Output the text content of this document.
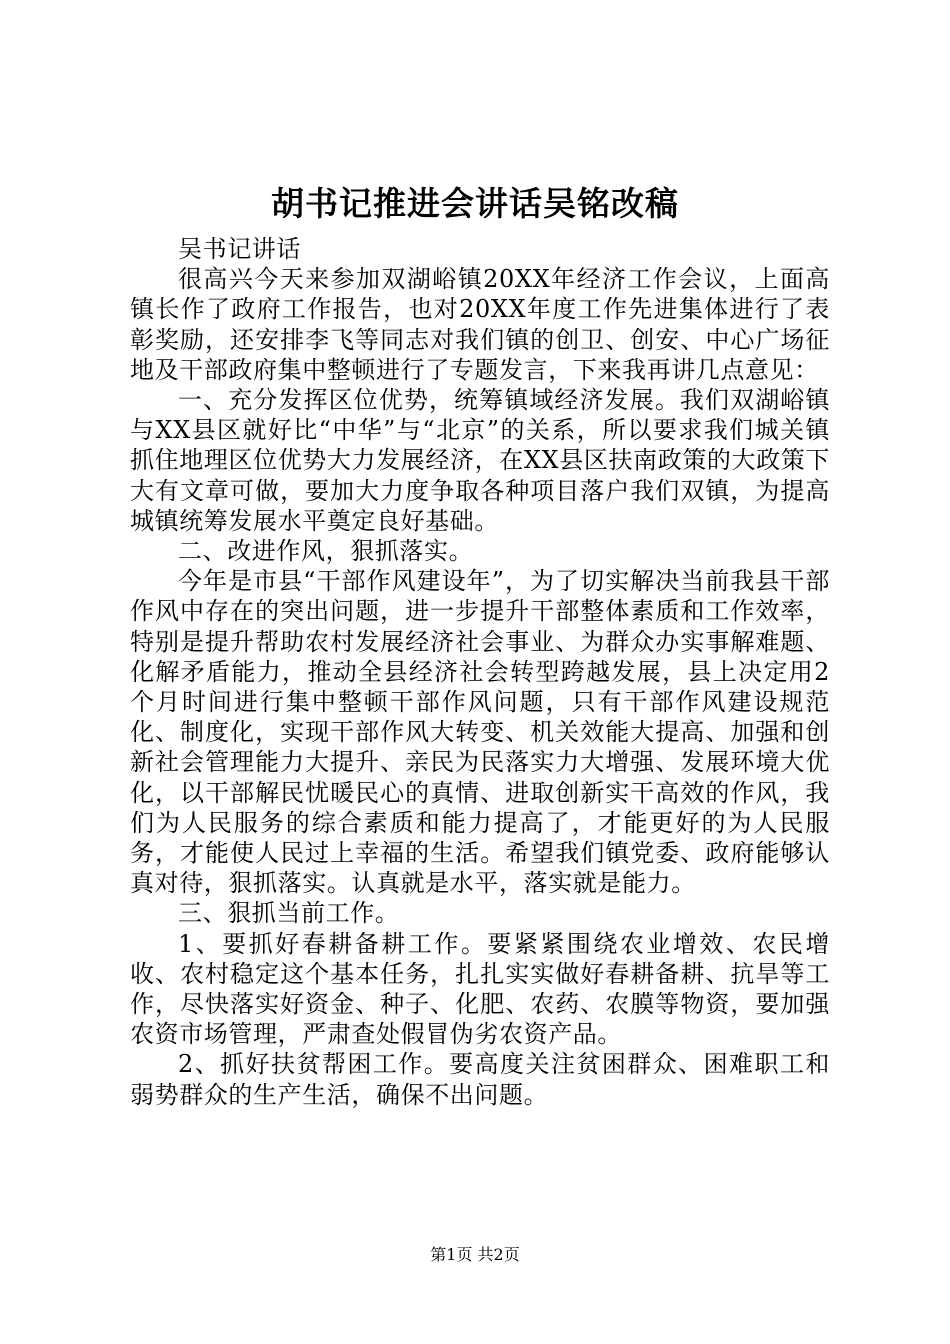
胡书记推进会讲话吴铭改稿

吴书记讲话

很高兴今天来参加双湖峪镇20XX年经济工作会议，上面高镇长作了政府工作报告，也对20XX年度工作先进集体进行了表彰奖励，还安排李飞等同志对我们镇的创卫、创安、中心广场征地及干部政府集中整顿进行了专题发言，下来我再讲几点意见：

一、充分发挥区位优势，统筹镇域经济发展。我们双湖峪镇与XX县区就好比“中华”与“北京”的关系，所以要求我们城关镇抓住地理区位优势大力发展经济，在XX县区扶南政策的大政策下大有文章可做，要加大力度争取各种项目落户我们双镇，为提高城镇统筹发展水平奠定良好基础。

二、改进作风，狠抓落实。

今年是市县“干部作风建设年”，为了切实解决当前我县干部作风中存在的突出问题，进一步提升干部整体素质和工作效率，特别是提升帮助农村发展经济社会事业、为群众办实事解难题、化解矛盾能力，推动全县经济社会转型跨越发展，县上决定用2个月时间进行集中整顿干部作风问题，只有干部作风建设规范化、制度化，实现干部作风大转变、机关效能大提高、加强和创新社会管理能力大提升、亲民为民落实力大增强、发展环境大优化，以干部解民忧暖民心的真情、进取创新实干高效的作风，我们为人民服务的综合素质和能力提高了，才能更好的为人民服务，才能使人民过上幸福的生活。希望我们镇党委、政府能够认真对待，狠抓落实。认真就是水平，落实就是能力。

三、狠抓当前工作。

1、要抓好春耕备耕工作。要紧紧围绕农业增效、农民增收、农村稳定这个基本任务，扎扎实实做好春耕备耕、抗旱等工作，尽快落实好资金、种子、化肥、农药、农膜等物资，要加强农资市场管理，严肃查处假冒伪劣农资产品。

2、抓好扶贫帮困工作。要高度关注贫困群众、困难职工和弱势群众的生产生活，确保不出问题。

第1页 共2页
